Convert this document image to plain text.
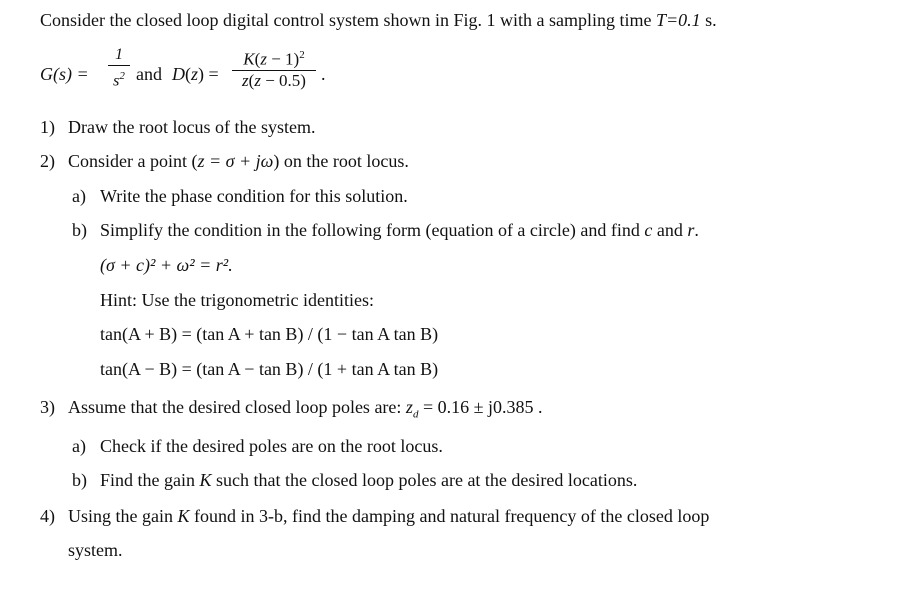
Consider the closed loop digital control system shown in Fig. 1 with a sampling time T=0.1 s.
G(s) =
1
$s^2$ and D(z) =
$K(z - 1)^2$
z(z − 0.5) .
1) Draw the root locus of the system.
2) Consider a point (z = σ + jω) on the root locus.
a) Write the phase condition for this solution.
b) Simplify the condition in the following form (equation of a circle) and find c and r.
(σ + c)² + ω² = r².
Hint: Use the trigonometric identities:
tan(A + B) = (tan A + tan B) / (1 − tan A tan B)
tan(A − B) = (tan A − tan B) / (1 + tan A tan B)
3) Assume that the desired closed loop poles are: $z_d = 0.16 \pm j0.385$ .
a) Check if the desired poles are on the root locus.
b) Find the gain K such that the closed loop poles are at the desired locations.
4) Using the gain K found in 3-b, find the damping and natural frequency of the closed loop
system.
